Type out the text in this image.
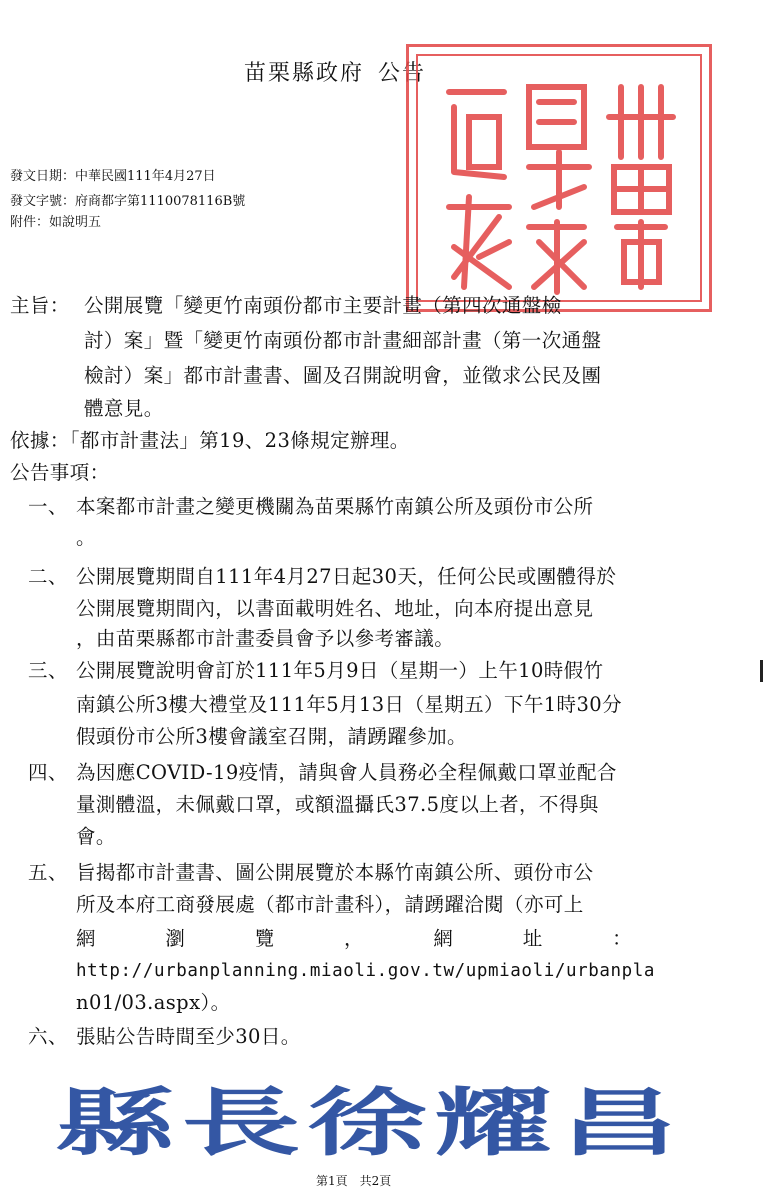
苗栗縣政府 公告
發文日期：中華民國111年4月27日
發文字號：府商都字第1110078116B號
附件：如說明五
主旨： 公開展覽「變更竹南頭份都市主要計畫（第四次通盤檢
討）案」暨「變更竹南頭份都市計畫細部計畫（第一次通盤
檢討）案」都市計畫書、圖及召開說明會，並徵求公民及團
體意見。
依據：「都市計畫法」第19、23條規定辦理。
公告事項：
一、 本案都市計畫之變更機關為苗栗縣竹南鎮公所及頭份市公所
。
二、 公開展覽期間自111年4月27日起30天，任何公民或團體得於
公開展覽期間內，以書面載明姓名、地址，向本府提出意見
，由苗栗縣都市計畫委員會予以參考審議。
三、 公開展覽說明會訂於111年5月9日（星期一）上午10時假竹
南鎮公所3樓大禮堂及111年5月13日（星期五）下午1時30分
假頭份市公所3樓會議室召開，請踴躍參加。
四、 為因應COVID-19疫情，請與會人員務必全程佩戴口罩並配合
量測體溫，未佩戴口罩，或額溫攝氏37.5度以上者，不得與
會。
五、 旨揭都市計畫書、圖公開展覽於本縣竹南鎮公所、頭份市公
所及本府工商發展處（都市計畫科），請踴躍洽閱（亦可上
網	瀏	覽	，	網	址	：
http://urbanplanning.miaoli.gov.tw/upmiaoli/urbanpla
n01/03.aspx）。
六、 張貼公告時間至少30日。
縣長徐耀昌
第1頁 共2頁
